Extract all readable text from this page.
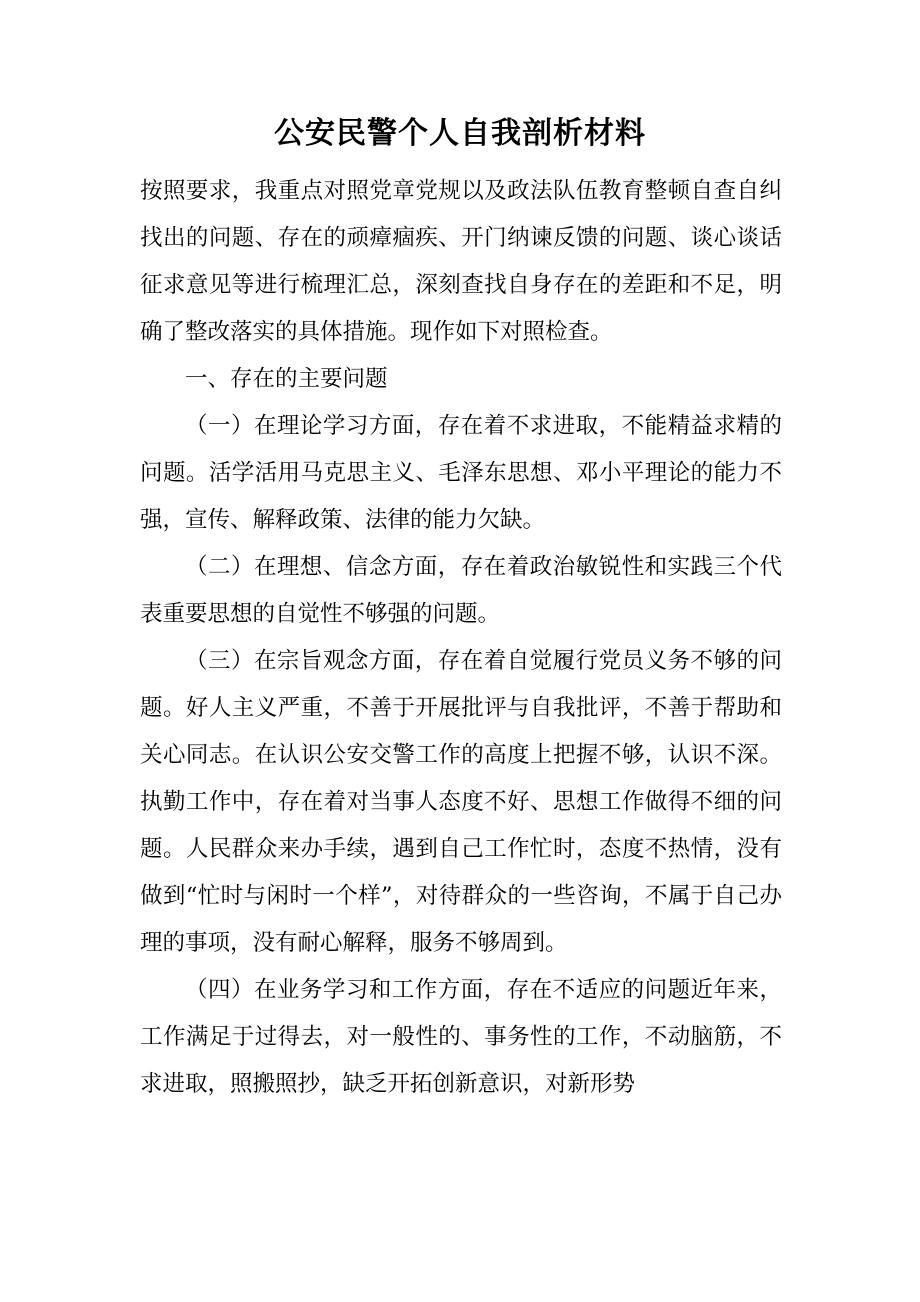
公安民警个人自我剖析材料

按照要求，我重点对照党章党规以及政法队伍教育整顿自查自纠找出的问题、存在的顽瘴痼疾、开门纳谏反馈的问题、谈心谈话征求意见等进行梳理汇总，深刻查找自身存在的差距和不足，明确了整改落实的具体措施。现作如下对照检查。

一、存在的主要问题

（一）在理论学习方面，存在着不求进取，不能精益求精的问题。活学活用马克思主义、毛泽东思想、邓小平理论的能力不强，宣传、解释政策、法律的能力欠缺。

（二）在理想、信念方面，存在着政治敏锐性和实践三个代表重要思想的自觉性不够强的问题。

（三）在宗旨观念方面，存在着自觉履行党员义务不够的问题。好人主义严重，不善于开展批评与自我批评，不善于帮助和关心同志。在认识公安交警工作的高度上把握不够，认识不深。执勤工作中，存在着对当事人态度不好、思想工作做得不细的问题。人民群众来办手续，遇到自己工作忙时，态度不热情，没有做到“忙时与闲时一个样”，对待群众的一些咨询，不属于自己办理的事项，没有耐心解释，服务不够周到。

（四）在业务学习和工作方面，存在不适应的问题近年来，工作满足于过得去，对一般性的、事务性的工作，不动脑筋，不求进取，照搬照抄，缺乏开拓创新意识，对新形势
